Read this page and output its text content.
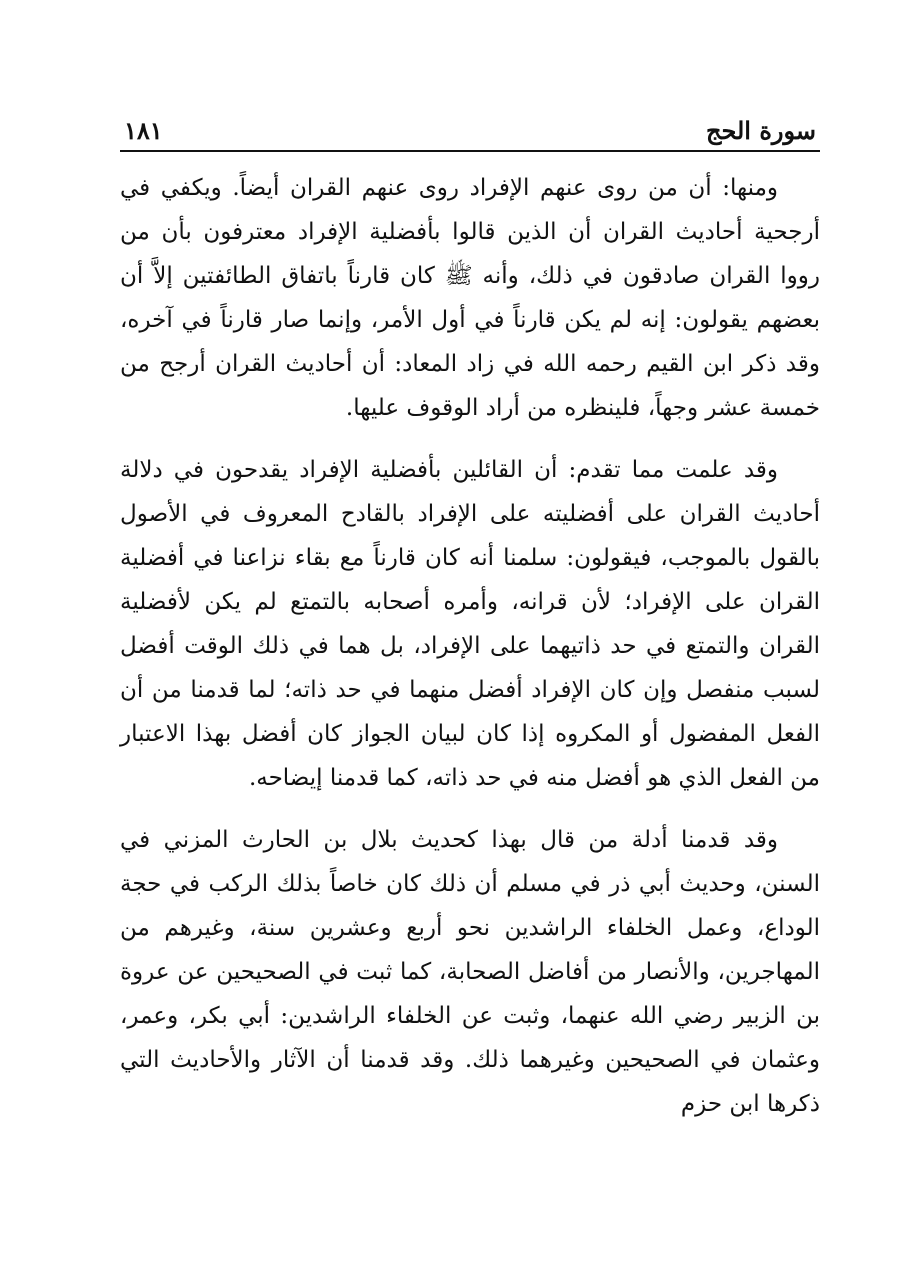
سورة الحج
١٨١

ومنها: أن من روى عنهم الإفراد روى عنهم القران أيضاً. ويكفي في أرجحية أحاديث القران أن الذين قالوا بأفضلية الإفراد معترفون بأن من رووا القران صادقون في ذلك، وأنه ﷺ كان قارناً باتفاق الطائفتين إلاَّ أن بعضهم يقولون: إنه لم يكن قارناً في أول الأمر، وإنما صار قارناً في آخره، وقد ذكر ابن القيم رحمه الله في زاد المعاد: أن أحاديث القران أرجح من خمسة عشر وجهاً، فلينظره من أراد الوقوف عليها.

وقد علمت مما تقدم: أن القائلين بأفضلية الإفراد يقدحون في دلالة أحاديث القران على أفضليته على الإفراد بالقادح المعروف في الأصول بالقول بالموجب، فيقولون: سلمنا أنه كان قارناً مع بقاء نزاعنا في أفضلية القران على الإفراد؛ لأن قرانه، وأمره أصحابه بالتمتع لم يكن لأفضلية القران والتمتع في حد ذاتيهما على الإفراد، بل هما في ذلك الوقت أفضل لسبب منفصل وإن كان الإفراد أفضل منهما في حد ذاته؛ لما قدمنا من أن الفعل المفضول أو المكروه إذا كان لبيان الجواز كان أفضل بهذا الاعتبار من الفعل الذي هو أفضل منه في حد ذاته، كما قدمنا إيضاحه.

وقد قدمنا أدلة من قال بهذا كحديث بلال بن الحارث المزني في السنن، وحديث أبي ذر في مسلم أن ذلك كان خاصاً بذلك الركب في حجة الوداع، وعمل الخلفاء الراشدين نحو أربع وعشرين سنة، وغيرهم من المهاجرين، والأنصار من أفاضل الصحابة، كما ثبت في الصحيحين عن عروة بن الزبير رضي الله عنهما، وثبت عن الخلفاء الراشدين: أبي بكر، وعمر، وعثمان في الصحيحين وغيرهما ذلك. وقد قدمنا أن الآثار والأحاديث التي ذكرها ابن حزم
